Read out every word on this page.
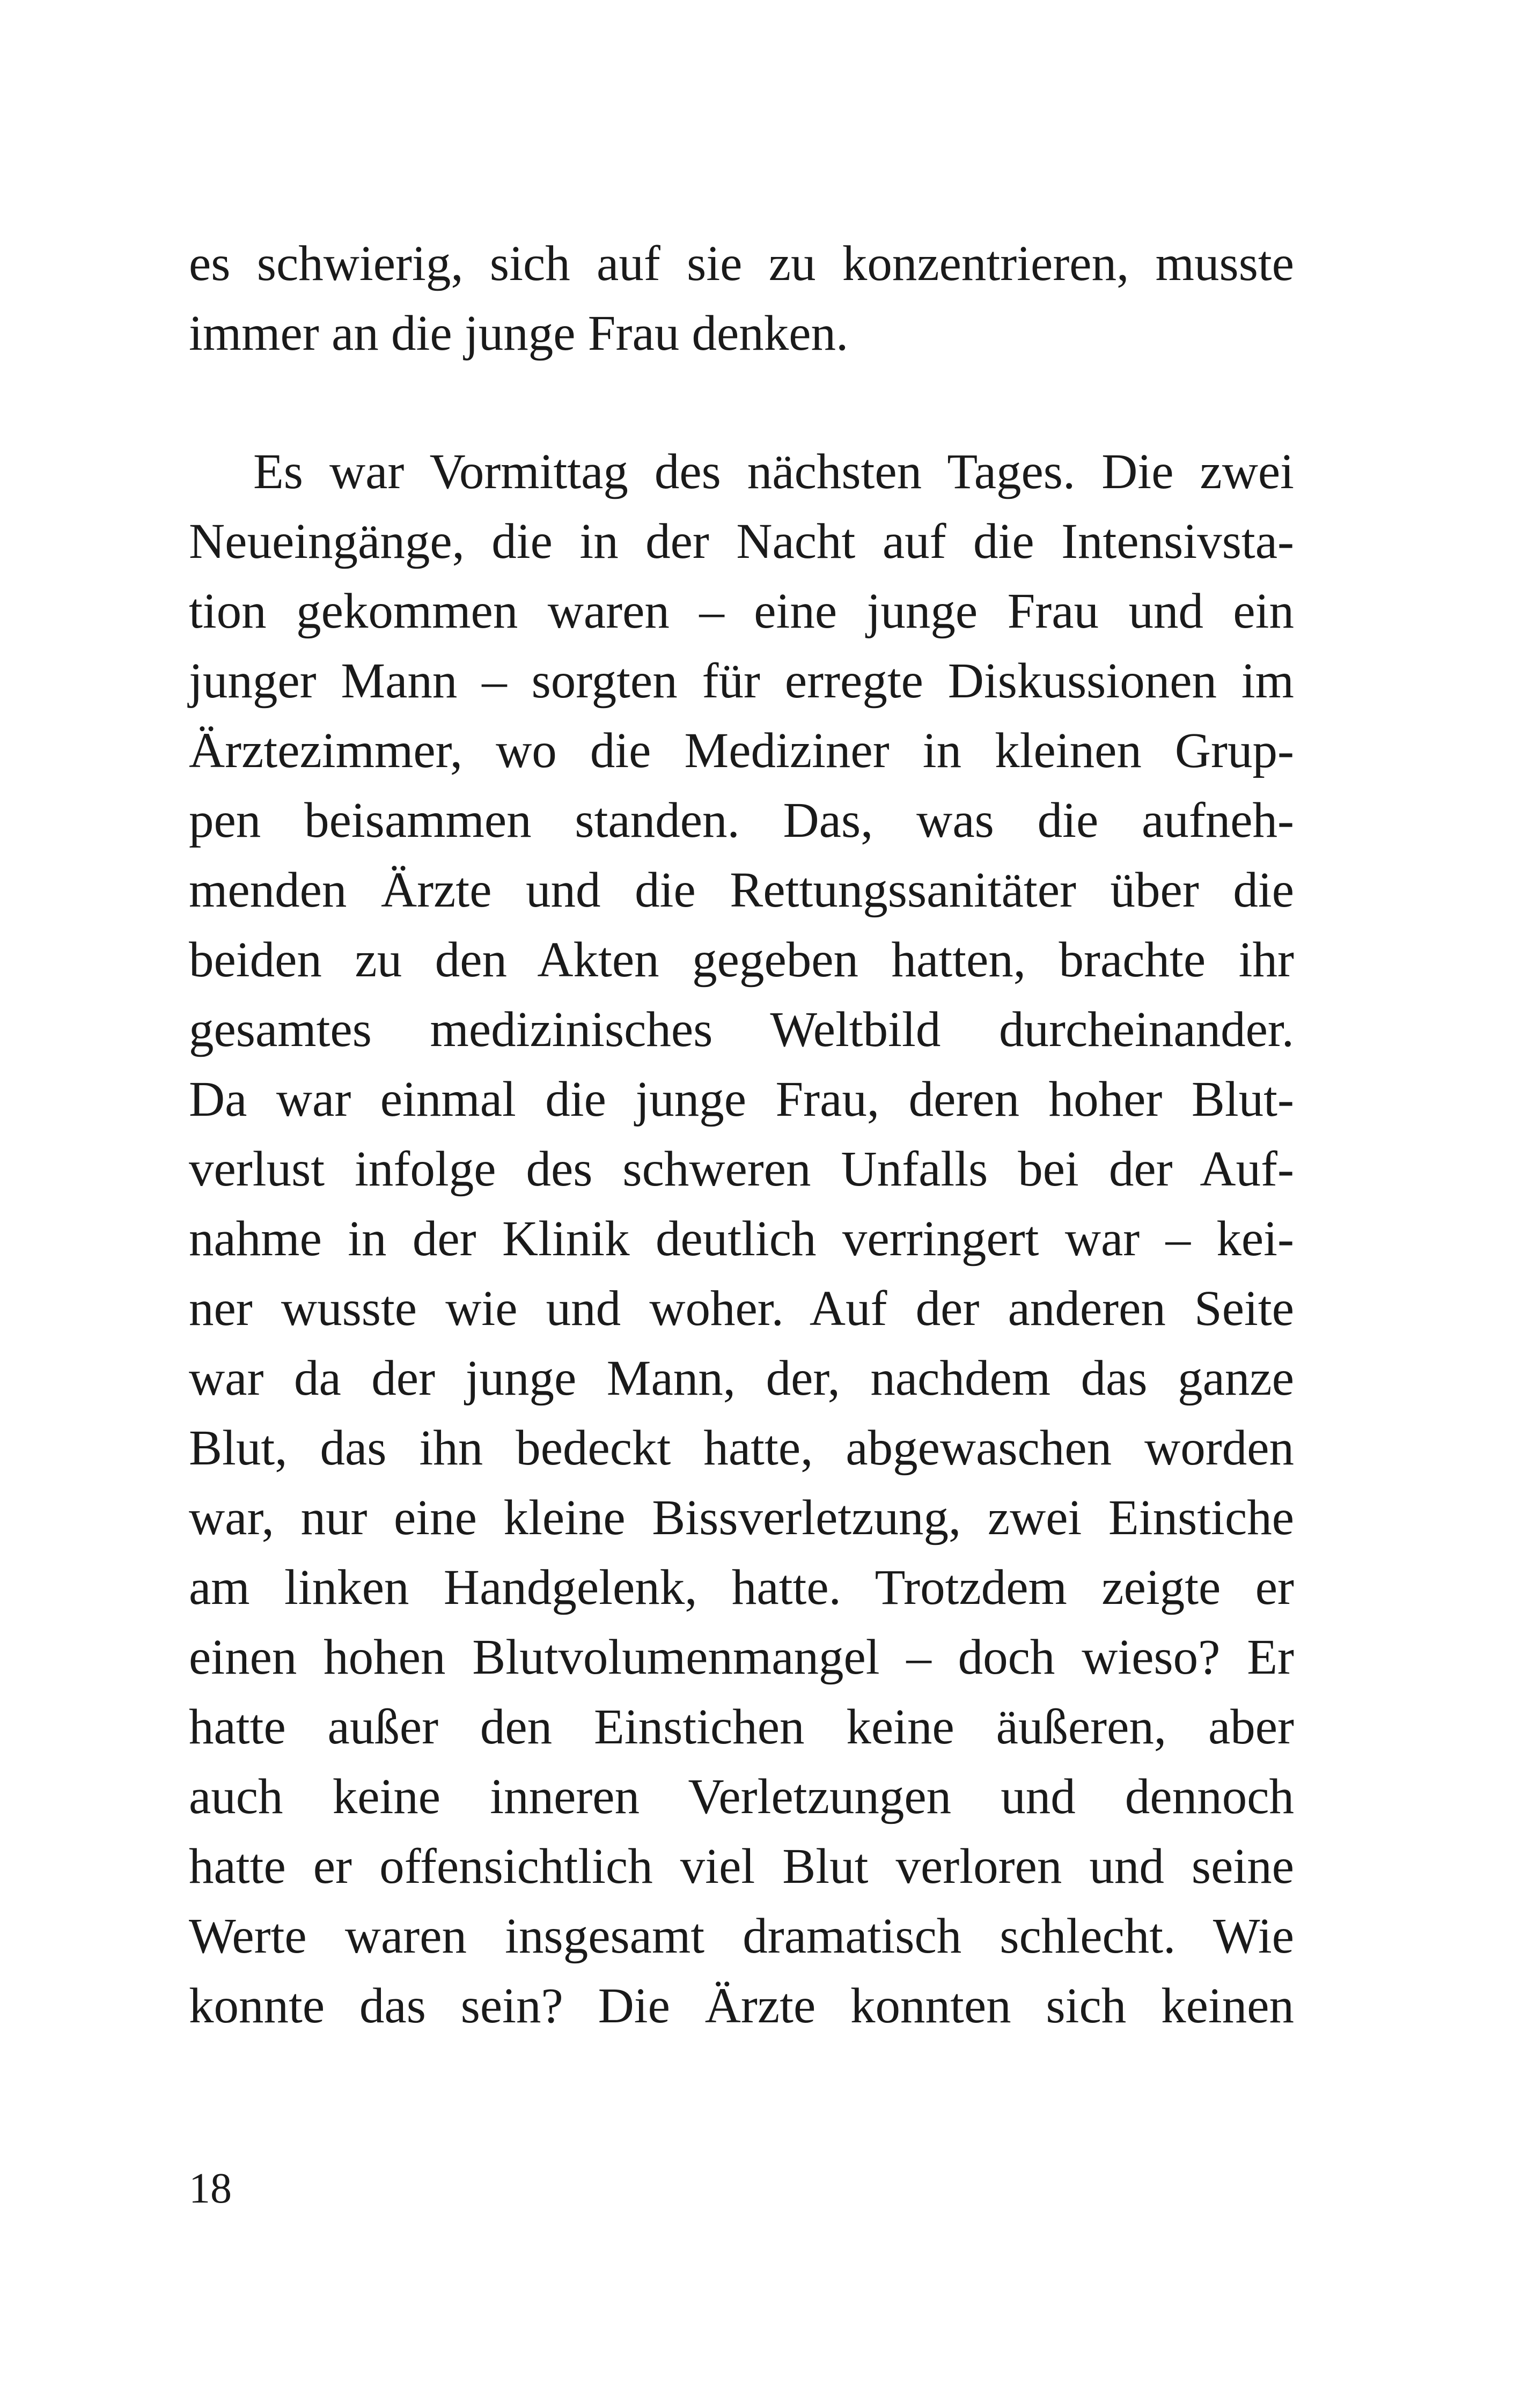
es schwierig, sich auf sie zu konzentrieren, musste
immer an die junge Frau denken.
Es war Vormittag des nächsten Tages. Die zwei
Neueingänge, die in der Nacht auf die Intensivsta-
tion gekommen waren – eine junge Frau und ein
junger Mann – sorgten für erregte Diskussionen im
Ärztezimmer, wo die Mediziner in kleinen Grup-
pen beisammen standen. Das, was die aufneh-
menden Ärzte und die Rettungssanitäter über die
beiden zu den Akten gegeben hatten, brachte ihr
gesamtes medizinisches Weltbild durcheinander.
Da war einmal die junge Frau, deren hoher Blut-
verlust infolge des schweren Unfalls bei der Auf-
nahme in der Klinik deutlich verringert war – kei-
ner wusste wie und woher. Auf der anderen Seite
war da der junge Mann, der, nachdem das ganze
Blut, das ihn bedeckt hatte, abgewaschen worden
war, nur eine kleine Bissverletzung, zwei Einstiche
am linken Handgelenk, hatte. Trotzdem zeigte er
einen hohen Blutvolumenmangel – doch wieso? Er
hatte außer den Einstichen keine äußeren, aber
auch keine inneren Verletzungen und dennoch
hatte er offensichtlich viel Blut verloren und seine
Werte waren insgesamt dramatisch schlecht. Wie
konnte das sein? Die Ärzte konnten sich keinen
18
